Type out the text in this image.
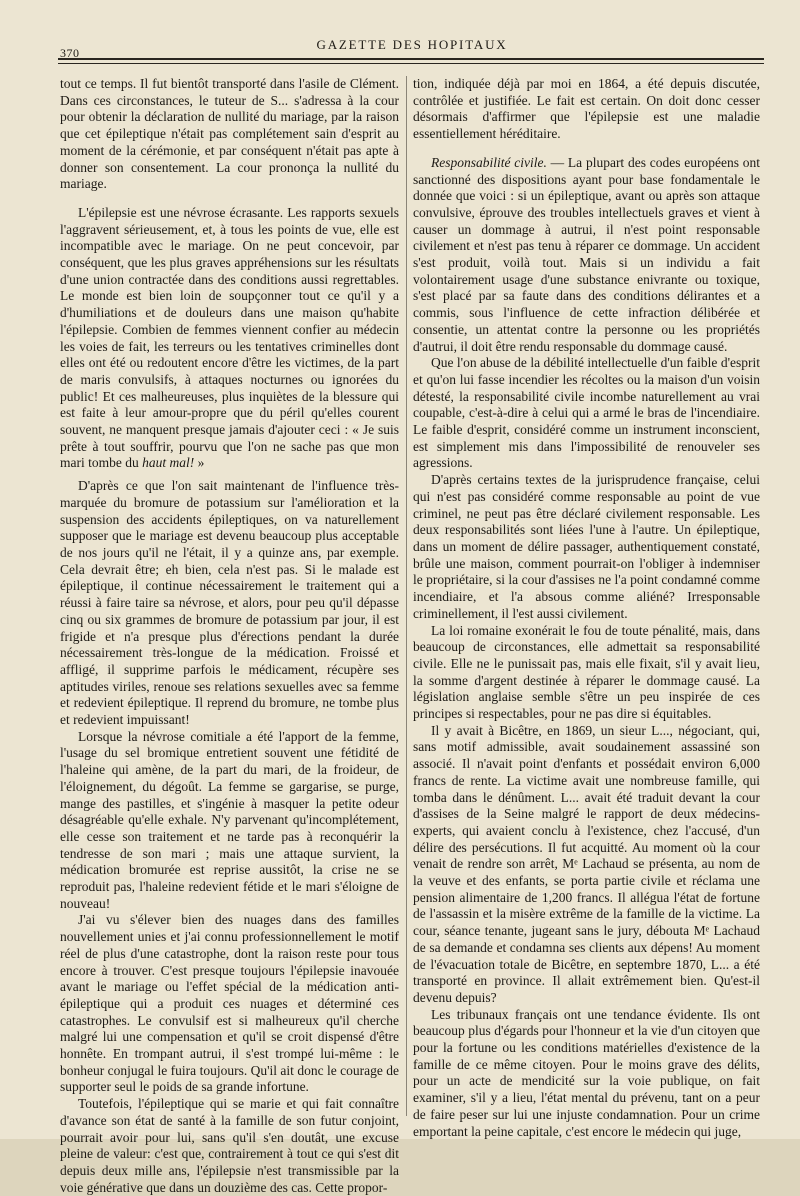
370
GAZETTE DES HOPITAUX

tout ce temps. Il fut bientôt transporté dans l'asile de Clément. Dans ces circonstances, le tuteur de S... s'adressa à la cour pour obtenir la déclaration de nullité du mariage, par la raison que cet épileptique n'était pas complétement sain d'esprit au moment de la cérémonie, et par conséquent n'était pas apte à donner son consentement. La cour prononça la nullité du mariage.

L'épilepsie est une névrose écrasante. Les rapports sexuels l'aggravent sérieusement, et, à tous les points de vue, elle est incompatible avec le mariage. On ne peut concevoir, par conséquent, que les plus graves appréhensions sur les résultats d'une union contractée dans des conditions aussi regrettables. Le monde est bien loin de soupçonner tout ce qu'il y a d'humiliations et de douleurs dans une maison qu'habite l'épilepsie. Combien de femmes viennent confier au médecin les voies de fait, les terreurs ou les tentatives criminelles dont elles ont été ou redoutent encore d'être les victimes, de la part de maris convulsifs, à attaques nocturnes ou ignorées du public! Et ces malheureuses, plus inquiètes de la blessure qui est faite à leur amour-propre que du péril qu'elles courent souvent, ne manquent presque jamais d'ajouter ceci : « Je suis prête à tout souffrir, pourvu que l'on ne sache pas que mon mari tombe du haut mal! »

D'après ce que l'on sait maintenant de l'influence très-marquée du bromure de potassium sur l'amélioration et la suspension des accidents épileptiques, on va naturellement supposer que le mariage est devenu beaucoup plus acceptable de nos jours qu'il ne l'était, il y a quinze ans, par exemple. Cela devrait être; eh bien, cela n'est pas. Si le malade est épileptique, il continue nécessairement le traitement qui a réussi à faire taire sa névrose, et alors, pour peu qu'il dépasse cinq ou six grammes de bromure de potassium par jour, il est frigide et n'a presque plus d'érections pendant la durée nécessairement très-longue de la médication. Froissé et affligé, il supprime parfois le médicament, récupère ses aptitudes viriles, renoue ses relations sexuelles avec sa femme et redevient épileptique. Il reprend du bromure, ne tombe plus et redevient impuissant!

Lorsque la névrose comitiale a été l'apport de la femme, l'usage du sel bromique entretient souvent une fétidité de l'haleine qui amène, de la part du mari, de la froideur, de l'éloignement, du dégoût. La femme se gargarise, se purge, mange des pastilles, et s'ingénie à masquer la petite odeur désagréable qu'elle exhale. N'y parvenant qu'incomplétement, elle cesse son traitement et ne tarde pas à reconquérir la tendresse de son mari ; mais une attaque survient, la médication bromurée est reprise aussitôt, la crise ne se reproduit pas, l'haleine redevient fétide et le mari s'éloigne de nouveau!

J'ai vu s'élever bien des nuages dans des familles nouvellement unies et j'ai connu professionnellement le motif réel de plus d'une catastrophe, dont la raison reste pour tous encore à trouver. C'est presque toujours l'épilepsie inavouée avant le mariage ou l'effet spécial de la médication anti-épileptique qui a produit ces nuages et déterminé ces catastrophes. Le convulsif est si malheureux qu'il cherche malgré lui une compensation et qu'il se croit dispensé d'être honnête. En trompant autrui, il s'est trompé lui-même : le bonheur conjugal le fuira toujours. Qu'il ait donc le courage de supporter seul le poids de sa grande infortune.

Toutefois, l'épileptique qui se marie et qui fait connaître d'avance son état de santé à la famille de son futur conjoint, pourrait avoir pour lui, sans qu'il s'en doutât, une excuse pleine de valeur: c'est que, contrairement à tout ce qui s'est dit depuis deux mille ans, l'épilepsie n'est transmissible par la voie générative que dans un douzième des cas. Cette propor-

tion, indiquée déjà par moi en 1864, a été depuis discutée, contrôlée et justifiée. Le fait est certain. On doit donc cesser désormais d'affirmer que l'épilepsie est une maladie essentiellement héréditaire.

Responsabilité civile. — La plupart des codes européens ont sanctionné des dispositions ayant pour base fondamentale le donnée que voici : si un épileptique, avant ou après son attaque convulsive, éprouve des troubles intellectuels graves et vient à causer un dommage à autrui, il n'est point responsable civilement et n'est pas tenu à réparer ce dommage. Un accident s'est produit, voilà tout. Mais si un individu a fait volontairement usage d'une substance enivrante ou toxique, s'est placé par sa faute dans des conditions délirantes et a commis, sous l'influence de cette infraction délibérée et consentie, un attentat contre la personne ou les propriétés d'autrui, il doit être rendu responsable du dommage causé.

Que l'on abuse de la débilité intellectuelle d'un faible d'esprit et qu'on lui fasse incendier les récoltes ou la maison d'un voisin détesté, la responsabilité civile incombe naturellement au vrai coupable, c'est-à-dire à celui qui a armé le bras de l'incendiaire. Le faible d'esprit, considéré comme un instrument inconscient, est simplement mis dans l'impossibilité de renouveler ses agressions.

D'après certains textes de la jurisprudence française, celui qui n'est pas considéré comme responsable au point de vue criminel, ne peut pas être déclaré civilement responsable. Les deux responsabilités sont liées l'une à l'autre. Un épileptique, dans un moment de délire passager, authentiquement constaté, brûle une maison, comment pourrait-on l'obliger à indemniser le propriétaire, si la cour d'assises ne l'a point condamné comme incendiaire, et l'a absous comme aliéné? Irresponsable criminellement, il l'est aussi civilement.

La loi romaine exonérait le fou de toute pénalité, mais, dans beaucoup de circonstances, elle admettait sa responsabilité civile. Elle ne le punissait pas, mais elle fixait, s'il y avait lieu, la somme d'argent destinée à réparer le dommage causé. La législation anglaise semble s'être un peu inspirée de ces principes si respectables, pour ne pas dire si équitables.

Il y avait à Bicêtre, en 1869, un sieur L..., négociant, qui, sans motif admissible, avait soudainement assassiné son associé. Il n'avait point d'enfants et possédait environ 6,000 francs de rente. La victime avait une nombreuse famille, qui tomba dans le dénûment. L... avait été traduit devant la cour d'assises de la Seine malgré le rapport de deux médecins-experts, qui avaient conclu à l'existence, chez l'accusé, d'un délire des persécutions. Il fut acquitté. Au moment où la cour venait de rendre son arrêt, Mᵉ Lachaud se présenta, au nom de la veuve et des enfants, se porta partie civile et réclama une pension alimentaire de 1,200 francs. Il allégua l'état de fortune de l'assassin et la misère extrême de la famille de la victime. La cour, séance tenante, jugeant sans le jury, débouta Mᵉ Lachaud de sa demande et condamna ses clients aux dépens! Au moment de l'évacuation totale de Bicêtre, en septembre 1870, L... a été transporté en province. Il allait extrêmement bien. Qu'est-il devenu depuis?

Les tribunaux français ont une tendance évidente. Ils ont beaucoup plus d'égards pour l'honneur et la vie d'un citoyen que pour la fortune ou les conditions matérielles d'existence de la famille de ce même citoyen. Pour le moins grave des délits, pour un acte de mendicité sur la voie publique, on fait examiner, s'il y a lieu, l'état mental du prévenu, tant on a peur de faire peser sur lui une injuste condamnation. Pour un crime emportant la peine capitale, c'est encore le médecin qui juge,
